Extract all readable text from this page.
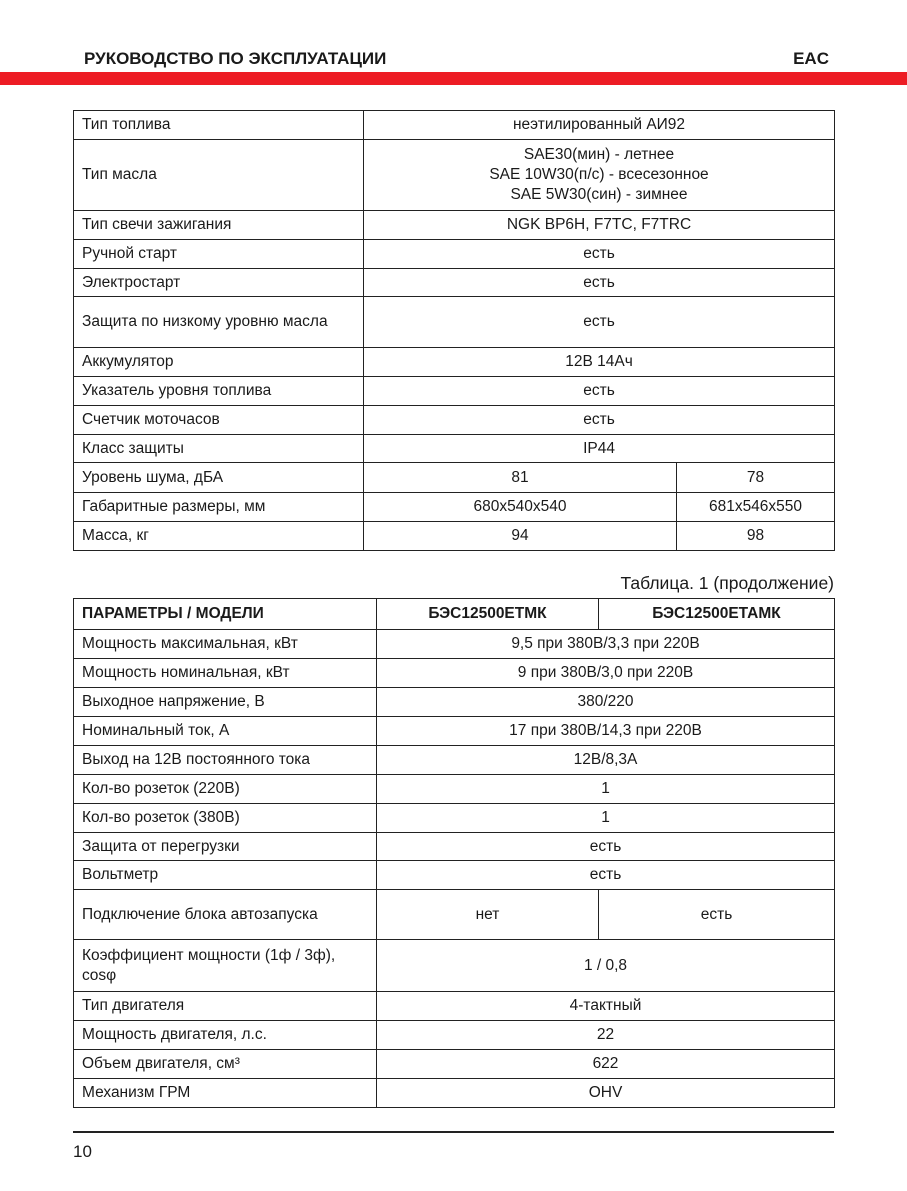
РУКОВОДСТВО ПО ЭКСПЛУАТАЦИИ	EAC
Тип топлива	неэтилированный АИ92	
Тип масла	SAE30(мин) - летнее
SAE 10W30(п/с) - всесезонное
SAE 5W30(син) - зимнее	

Тип свечи зажигания	NGK BP6H, F7TC, F7TRC	
Ручной старт	есть	
Электростарт	есть	
Защита по низкому уровню масла	есть	
Аккумулятор	12В 14Ач	
Указатель уровня топлива	есть	
Счетчик моточасов	есть	
Класс защиты	IP44	
Уровень шума, дБА	81	78
Габаритные размеры, мм	680x540x540	681x546x550
Масса, кг	94	98
Таблица. 1 (продолжение)
ПАРАМЕТРЫ / МОДЕЛИ	БЭС12500ЕТМК	БЭС12500ЕТАМК
Мощность максимальная, кВт	9,5 при 380В/3,3 при 220В	
Мощность номинальная, кВт	9 при 380В/3,0 при 220В	
Выходное напряжение, В	380/220	
Номинальный ток, А	17 при 380В/14,3 при 220В	
Выход на 12В постоянного тока	12В/8,3А	
Кол-во розеток (220В)	1	
Кол-во розеток (380В)	1	
Защита от перегрузки	есть	
Вольтметр	есть	
Подключение блока автозапуска	нет	есть
Коэффициент мощности (1ф / 3ф), cosφ	1 / 0,8	
Тип двигателя	4-тактный	
Мощность двигателя, л.с.	22	
Объем двигателя, см³	622	
Механизм ГРМ	OHV	
10
